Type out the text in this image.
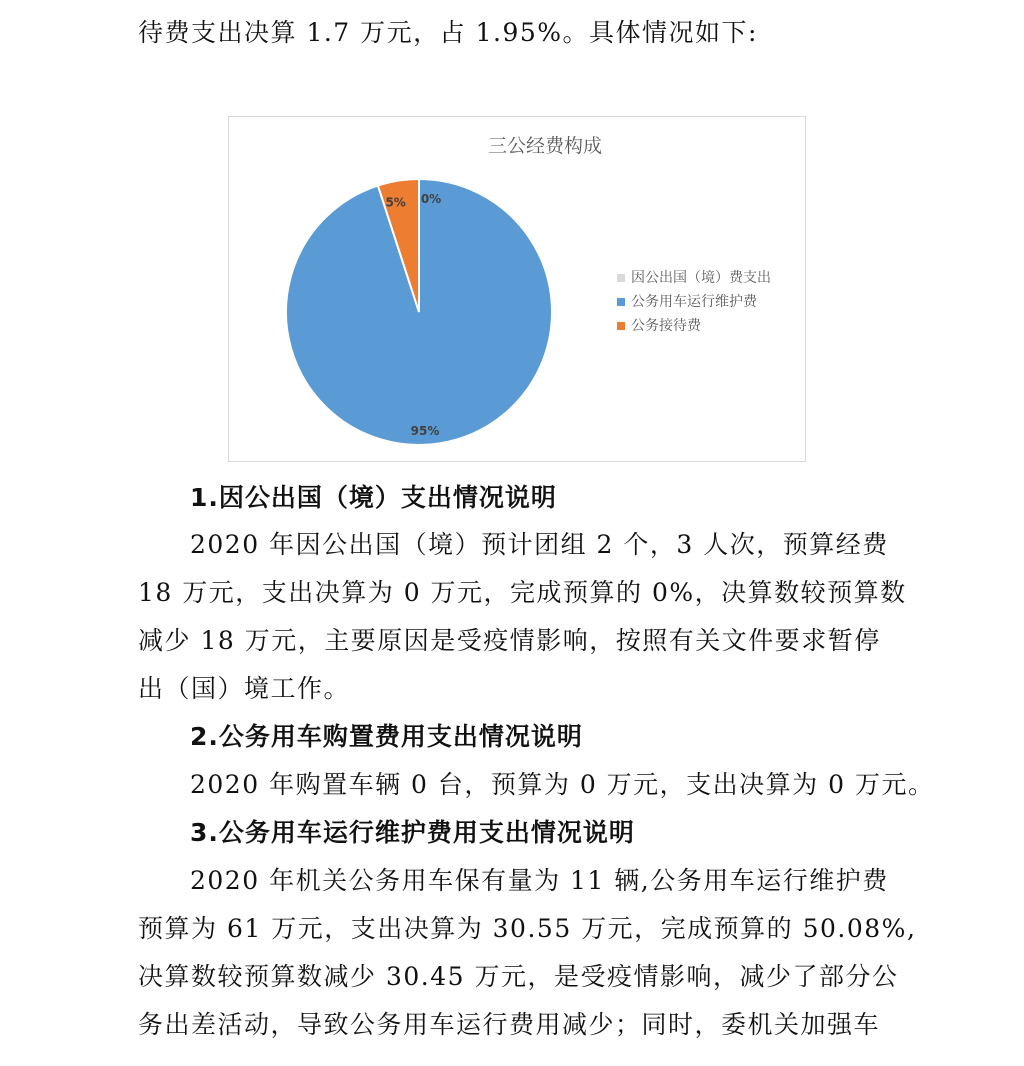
待费支出决算 1.7 万元，占 1.95%。具体情况如下:
三公经费构成
0%
95%
5%
因公出国（境）费支出
公务用车运行维护费
公务接待费
1.因公出国（境）支出情况说明
2020 年因公出国（境）预计团组 2 个，3 人次，预算经费
18 万元，支出决算为 0 万元，完成预算的 0%，决算数较预算数
减少 18 万元，主要原因是受疫情影响，按照有关文件要求暂停
出（国）境工作。
2.公务用车购置费用支出情况说明
2020 年购置车辆 0 台，预算为 0 万元，支出决算为 0 万元。
3.公务用车运行维护费用支出情况说明
2020 年机关公务用车保有量为 11 辆,公务用车运行维护费
预算为 61 万元，支出决算为 30.55 万元，完成预算的 50.08%,
决算数较预算数减少 30.45 万元，是受疫情影响，减少了部分公
务出差活动，导致公务用车运行费用减少；同时，委机关加强车
